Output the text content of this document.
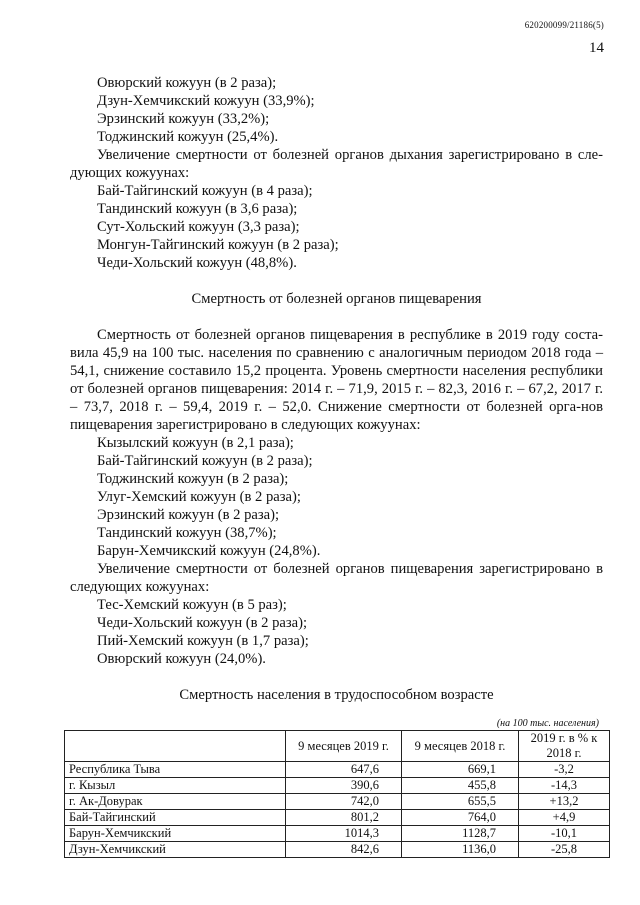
620200099/21186(5)
14

Овюрский кожуун (в 2 раза);

Дзун-Хемчикский кожуун (33,9%);

Эрзинский кожуун (33,2%);

Тоджинский кожуун (25,4%).

Увеличение смертности от болезней органов дыхания зарегистрировано в сле-дующих кожуунах:

Бай-Тайгинский кожуун (в 4 раза);

Тандинский кожуун (в 3,6 раза);

Сут-Хольский кожуун (3,3 раза);

Монгун-Тайгинский кожуун (в 2 раза);

Чеди-Хольский кожуун (48,8%).

Смертность от болезней органов пищеварения

Смертность от болезней органов пищеварения в республике в 2019 году соста-вила 45,9 на 100 тыс. населения по сравнению с аналогичным периодом 2018 года – 54,1, снижение составило 15,2 процента. Уровень смертности населения республики от болезней органов пищеварения: 2014 г. – 71,9, 2015 г. – 82,3, 2016 г. – 67,2, 2017 г. – 73,7, 2018 г. – 59,4, 2019 г. – 52,0. Снижение смертности от болезней орга-нов пищеварения зарегистрировано в следующих кожуунах:

Кызылский кожуун (в 2,1 раза);

Бай-Тайгинский кожуун (в 2 раза);

Тоджинский кожуун (в 2 раза);

Улуг-Хемский кожуун (в 2 раза);

Эрзинский кожуун (в 2 раза);

Тандинский кожуун (38,7%);

Барун-Хемчикский кожуун (24,8%).

Увеличение смертности от болезней органов пищеварения зарегистрировано в следующих кожуунах:

Тес-Хемский кожуун (в 5 раз);

Чеди-Хольский кожуун (в 2 раза);

Пий-Хемский кожуун (в 1,7 раза);

Овюрский кожуун (24,0%).

Смертность населения в трудоспособном возрасте

(на 100 тыс. населения)

	9 месяцев 2019 г.	9 месяцев 2018 г.	2019 г. в % к 2018 г.
Республика Тыва	647,6	669,1	-3,2
г. Кызыл	390,6	455,8	-14,3
г. Ак-Довурак	742,0	655,5	+13,2
Бай-Тайгинский	801,2	764,0	+4,9
Барун-Хемчикский	1014,3	1128,7	-10,1
Дзун-Хемчикский	842,6	1136,0	-25,8
